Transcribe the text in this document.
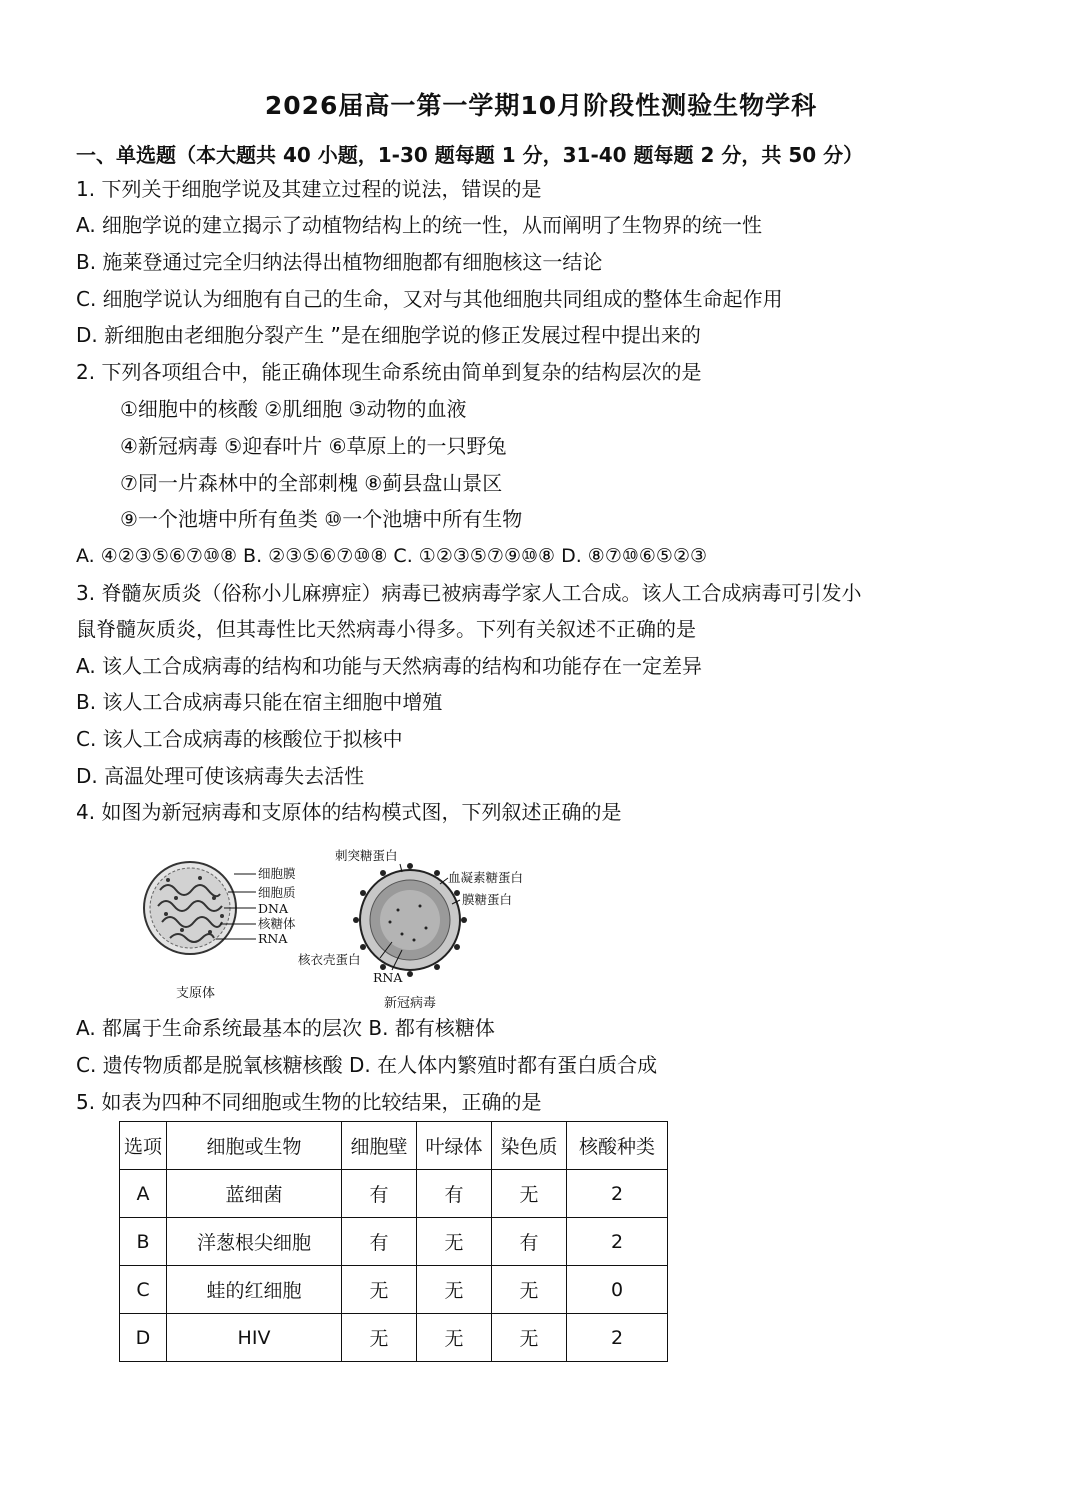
2026届高一第一学期10月阶段性测验生物学科
一、单选题（本大题共 40 小题，1-30 题每题 1 分，31-40 题每题 2 分，共 50 分）
1. 下列关于细胞学说及其建立过程的说法，错误的是
A. 细胞学说的建立揭示了动植物结构上的统一性，从而阐明了生物界的统一性
B. 施莱登通过完全归纳法得出植物细胞都有细胞核这一结论
C. 细胞学说认为细胞有自己的生命，又对与其他细胞共同组成的整体生命起作用
D. 新细胞由老细胞分裂产生 ”是在细胞学说的修正发展过程中提出来的
2. 下列各项组合中，能正确体现生命系统由简单到复杂的结构层次的是
①细胞中的核酸 ②肌细胞 ③动物的血液
④新冠病毒 ⑤迎春叶片 ⑥草原上的一只野兔
⑦同一片森林中的全部刺槐 ⑧蓟县盘山景区
⑨一个池塘中所有鱼类 ⑩一个池塘中所有生物
A. ④②③⑤⑥⑦⑩⑧ B. ②③⑤⑥⑦⑩⑧ C. ①②③⑤⑦⑨⑩⑧ D. ⑧⑦⑩⑥⑤②③
3. 脊髓灰质炎（俗称小儿麻痹症）病毒已被病毒学家人工合成。该人工合成病毒可引发小
鼠脊髓灰质炎，但其毒性比天然病毒小得多。下列有关叙述不正确的是
A. 该人工合成病毒的结构和功能与天然病毒的结构和功能存在一定差异
B. 该人工合成病毒只能在宿主细胞中增殖
C. 该人工合成病毒的核酸位于拟核中
D. 高温处理可使该病毒失去活性
4. 如图为新冠病毒和支原体的结构模式图，下列叙述正确的是
细胞膜
细胞质
DNA
核糖体
RNA
支原体
刺突糖蛋白
血凝素糖蛋白
膜糖蛋白
核衣壳蛋白
RNA
新冠病毒
A. 都属于生命系统最基本的层次 B. 都有核糖体
C. 遗传物质都是脱氧核糖核酸 D. 在人体内繁殖时都有蛋白质合成
5. 如表为四种不同细胞或生物的比较结果，正确的是
选项	细胞或生物	细胞壁	叶绿体	染色质	核酸种类
A	蓝细菌	有	有	无	2
B	洋葱根尖细胞	有	无	有	2
C	蛙的红细胞	无	无	无	0
D	HIV	无	无	无	2
